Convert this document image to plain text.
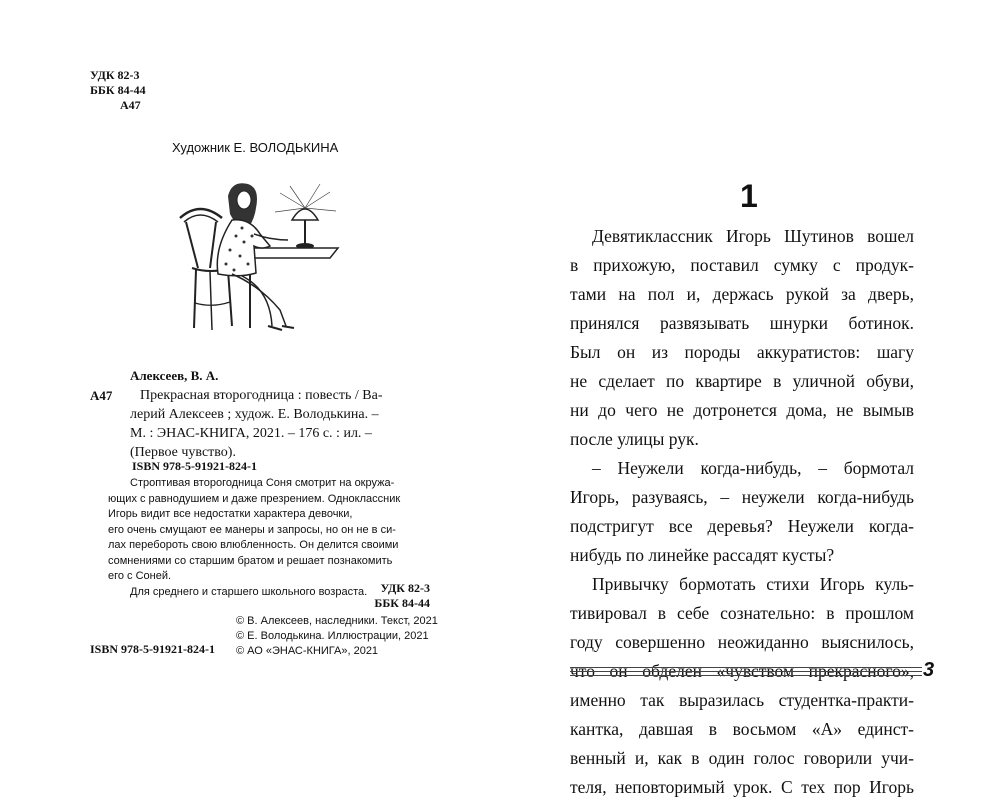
УДК 82-3
ББК 84-44
А47
Художник Е. ВОЛОДЬКИНА
Алексеев, В. А.
А47	Прекрасная второгодница : повесть / Ва-
лерий Алексеев ; худож. Е. Володькина. –
М. : ЭНАС-КНИГА, 2021. – 176 с. : ил. –
(Первое чувство).
ISBN 978-5-91921-824-1
Строптивая второгодница Соня смотрит на окружа-
ющих с равнодушием и даже презрением. Одноклассник
Игорь видит все недостатки характера девочки,
его очень смущают ее манеры и запросы, но он не в си-
лах перебороть свою влюбленность. Он делится своими
сомнениями со старшим братом и решает познакомить
его с Соней.
Для среднего и старшего школьного возраста.	УДК 82-3
ББК 84-44
© В. Алексеев, наследники. Текст, 2021
© Е. Володькина. Иллюстрации, 2021
© АО «ЭНАС-КНИГА», 2021
ISBN 978-5-91921-824-1
1
Девятиклассник Игорь Шутинов вошел
в прихожую, поставил сумку с продук-
тами на пол и, держась рукой за дверь,
принялся развязывать шнурки ботинок.
Был он из породы аккуратистов: шагу
не сделает по квартире в уличной обуви,
ни до чего не дотронется дома, не вымыв
после улицы рук.
– Неужели когда-нибудь, – бормотал
Игорь, разуваясь, – неужели когда-нибудь
подстригут все деревья? Неужели когда-
нибудь по линейке рассадят кусты?
Привычку бормотать стихи Игорь куль-
тивировал в себе сознательно: в прошлом
году совершенно неожиданно выяснилось,
что он обделен «чувством прекрасного»,
именно так выразилась студентка-практи-
кантка, давшая в восьмом «А» единст-
венный и, как в один голос говорили учи-
теля, неповторимый урок. С тех пор Игорь
3
